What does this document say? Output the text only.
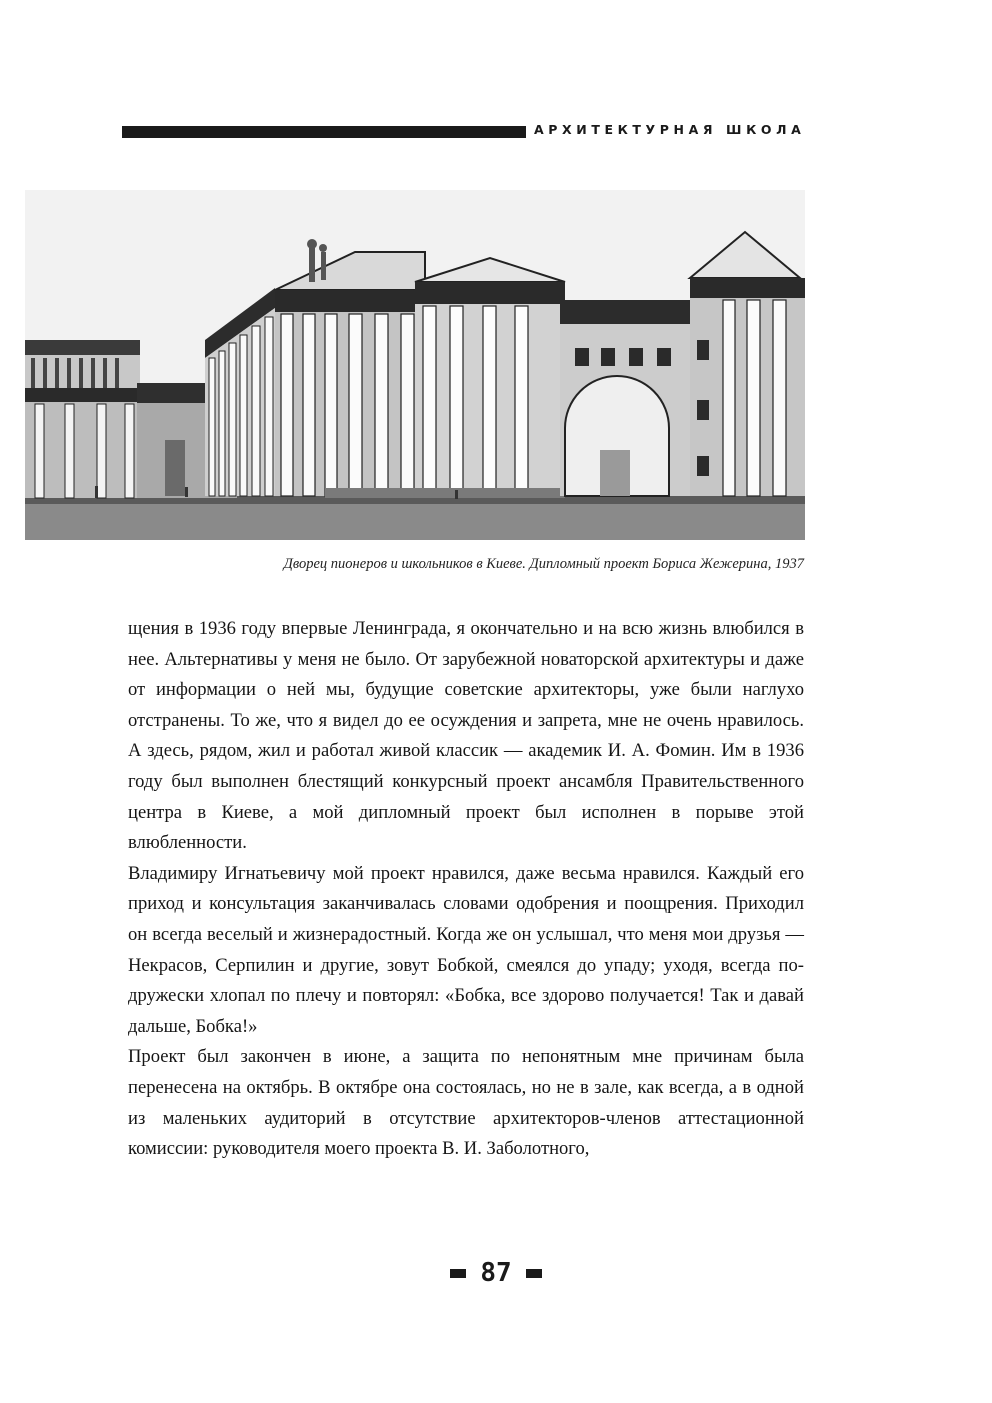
АРХИТЕКТУРНАЯ ШКОЛА
Дворец пионеров и школьников в Киеве. Дипломный проект Бориса Жежерина, 1937

щения в 1936 году впервые Ленинграда, я окончательно и на всю жизнь влюбился в нее. Альтернативы у меня не было. От зарубежной новаторской архитектуры и даже от информации о ней мы, будущие советские архитекторы, уже были наглухо отстранены. То же, что я видел до ее осуждения и запрета, мне не очень нравилось. А здесь, рядом, жил и работал живой классик — академик И. А. Фомин. Им в 1936 году был выполнен блестящий конкурсный проект ансамбля Правительственного центра в Киеве, а мой дипломный проект был исполнен в порыве этой влюбленности.

Владимиру Игнатьевичу мой проект нравился, даже весьма нравился. Каждый его приход и консультация заканчивалась словами одобрения и поощрения. Приходил он всегда веселый и жизнерадостный. Когда же он услышал, что меня мои друзья — Некрасов, Серпилин и другие, зовут Бобкой, смеялся до упаду; уходя, всегда по-дружески хлопал по плечу и повторял: «Бобка, все здорово получается! Так и давай дальше, Бобка!»

Проект был закончен в июне, а защита по непонятным мне причинам была перенесена на октябрь. В октябре она состоялась, но не в зале, как всегда, а в одной из маленьких аудиторий в отсутствие архитекторов-членов аттестационной комиссии: руководителя моего проекта В. И. Заболотного,

87
